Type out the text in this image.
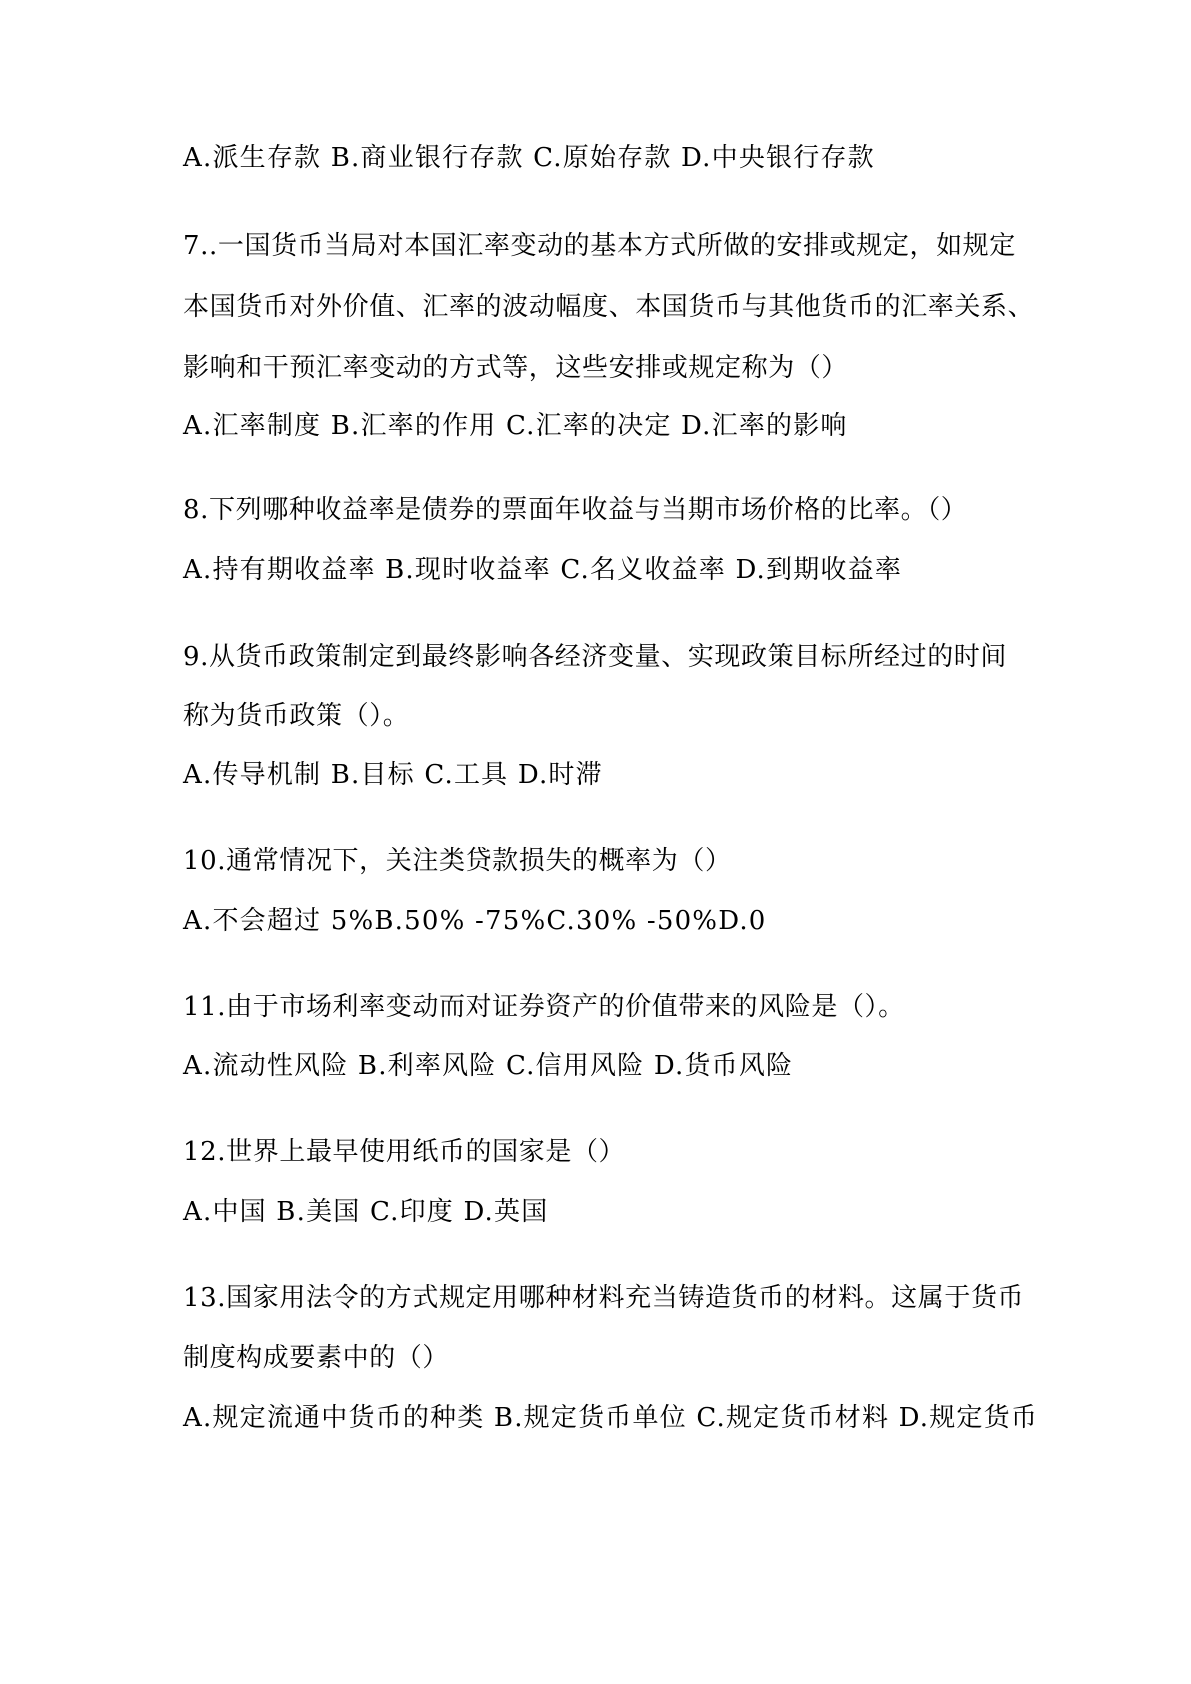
A.派生存款 B.商业银行存款 C.原始存款 D.中央银行存款
7..一国货币当局对本国汇率变动的基本方式所做的安排或规定，如规定
本国货币对外价值、汇率的波动幅度、本国货币与其他货币的汇率关系、
影响和干预汇率变动的方式等，这些安排或规定称为（）
A.汇率制度 B.汇率的作用 C.汇率的决定 D.汇率的影响
8.下列哪种收益率是债券的票面年收益与当期市场价格的比率。（）
A.持有期收益率 B.现时收益率 C.名义收益率 D.到期收益率
9.从货币政策制定到最终影响各经济变量、实现政策目标所经过的时间
称为货币政策（）。
A.传导机制 B.目标 C.工具 D.时滞
10.通常情况下，关注类贷款损失的概率为（）
A.不会超过 5%B.50% -75%C.30% -50%D.0
11.由于市场利率变动而对证券资产的价值带来的风险是（）。
A.流动性风险 B.利率风险 C.信用风险 D.货币风险
12.世界上最早使用纸币的国家是（）
A.中国 B.美国 C.印度 D.英国
13.国家用法令的方式规定用哪种材料充当铸造货币的材料。这属于货币
制度构成要素中的（）
A.规定流通中货币的种类 B.规定货币单位 C.规定货币材料 D.规定货币
